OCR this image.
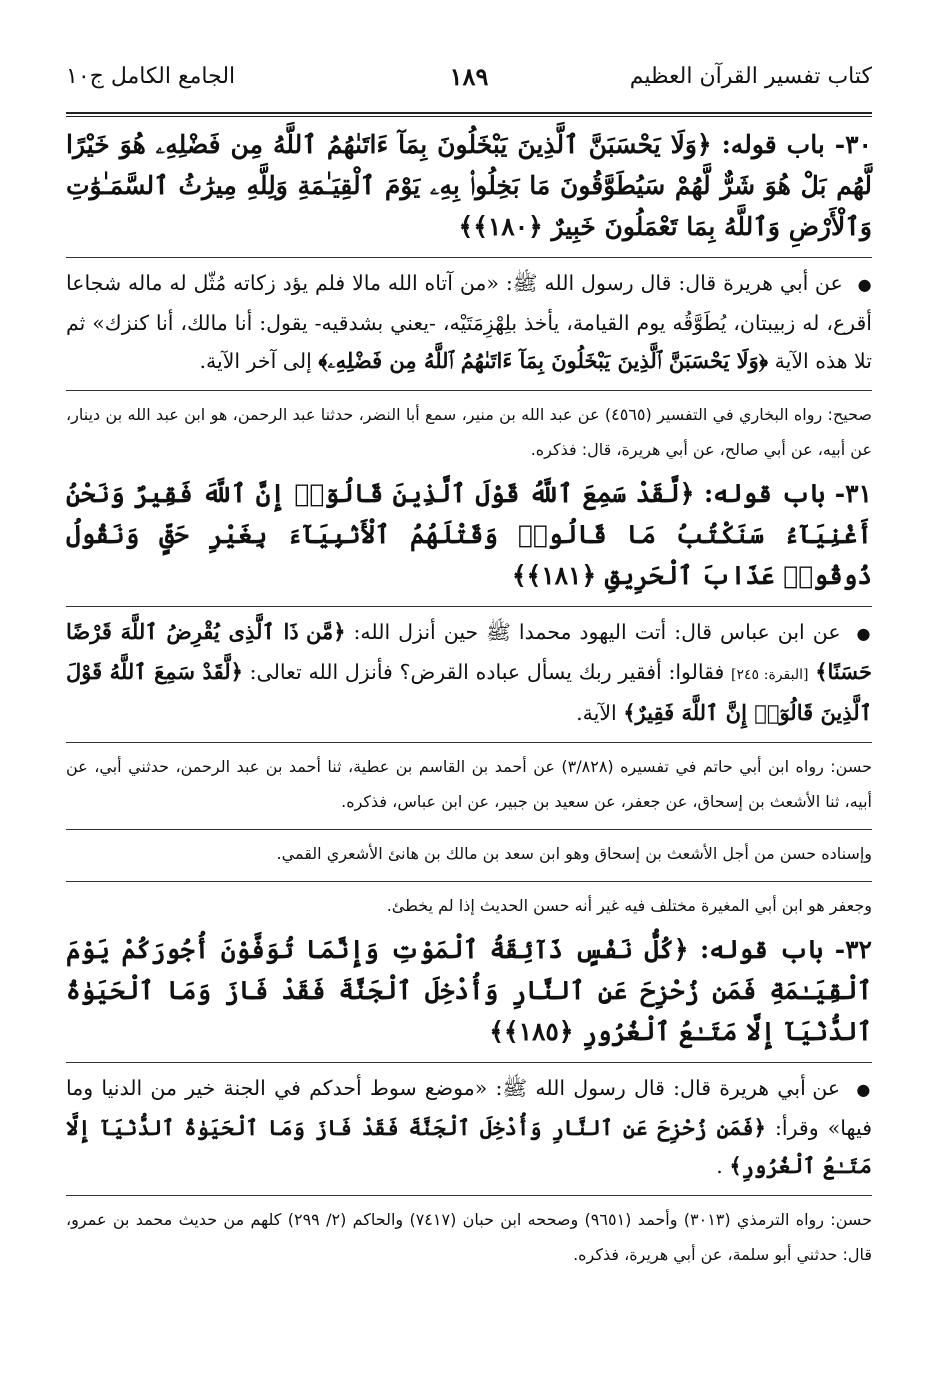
كتاب تفسير القرآن العظيم
١٨٩
الجامع الكامل ج١٠

٣٠- باب قوله: ﴿وَلَا يَحْسَبَنَّ ٱلَّذِينَ يَبْخَلُونَ بِمَآ ءَاتَىٰهُمُ ٱللَّهُ مِن فَضْلِهِۦ هُوَ خَيْرًا لَّهُم بَلْ هُوَ شَرٌّ لَّهُمْ سَيُطَوَّقُونَ مَا بَخِلُوا۟ بِهِۦ يَوْمَ ٱلْقِيَـٰمَةِ وَلِلَّهِ مِيرَٰثُ ٱلسَّمَـٰوَٰتِ وَٱلْأَرْضِ وَٱللَّهُ بِمَا تَعْمَلُونَ خَبِيرٌ ﴿١٨٠﴾﴾

● عن أبي هريرة قال: قال رسول الله ﷺ: «من آتاه الله مالا فلم يؤد زكاته مُثّل له ماله شجاعا أقرع، له زبيبتان، يُطَوَّقُه يوم القيامة، يأخذ بلِهْزِمَتَيْه، -يعني بشدقيه- يقول: أنا مالك، أنا كنزك» ثم تلا هذه الآية ﴿وَلَا يَحْسَبَنَّ ٱلَّذِينَ يَبْخَلُونَ بِمَآ ءَاتَىٰهُمُ ٱللَّهُ مِن فَضْلِهِۦ﴾ إلى آخر الآية.

صحيح: رواه البخاري في التفسير (٤٥٦٥) عن عبد الله بن منير، سمع أبا النضر، حدثنا عبد الرحمن، هو ابن عبد الله بن دينار، عن أبيه، عن أبي صالح، عن أبي هريرة، قال: فذكره.

٣١- باب قوله: ﴿لَّقَدْ سَمِعَ ٱللَّهُ قَوْلَ ٱلَّذِينَ قَالُوٓا۟ إِنَّ ٱللَّهَ فَقِيرٌ وَنَحْنُ أَغْنِيَآءُ سَنَكْتُبُ مَا قَالُوا۟ وَقَتْلَهُمُ ٱلْأَنۢبِيَآءَ بِغَيْرِ حَقٍّ وَنَقُولُ ذُوقُوا۟ عَذَابَ ٱلْحَرِيقِ ﴿١٨١﴾﴾

● عن ابن عباس قال: أتت اليهود محمدا ﷺ حين أنزل الله: ﴿مَّن ذَا ٱلَّذِى يُقْرِضُ ٱللَّهَ قَرْضًا حَسَنًا﴾ [البقرة: ٢٤٥] فقالوا: أفقير ربك يسأل عباده القرض؟ فأنزل الله تعالى: ﴿لَّقَدْ سَمِعَ ٱللَّهُ قَوْلَ ٱلَّذِينَ قَالُوٓا۟ إِنَّ ٱللَّهَ فَقِيرٌ﴾ الآية.

حسن: رواه ابن أبي حاتم في تفسيره (٣/٨٢٨) عن أحمد بن القاسم بن عطية، ثنا أحمد بن عبد الرحمن، حدثني أبي، عن أبيه، ثنا الأشعث بن إسحاق، عن جعفر، عن سعيد بن جبير، عن ابن عباس، فذكره.

وإسناده حسن من أجل الأشعث بن إسحاق وهو ابن سعد بن مالك بن هانئ الأشعري القمي.

وجعفر هو ابن أبي المغيرة مختلف فيه غير أنه حسن الحديث إذا لم يخطئ.

٣٢- باب قوله: ﴿كُلُّ نَفْسٍ ذَآئِقَةُ ٱلْمَوْتِ وَإِنَّمَا تُوَفَّوْنَ أُجُورَكُمْ يَوْمَ ٱلْقِيَـٰمَةِ فَمَن زُحْزِحَ عَنِ ٱلنَّارِ وَأُدْخِلَ ٱلْجَنَّةَ فَقَدْ فَازَ وَمَا ٱلْحَيَوٰةُ ٱلدُّنْيَآ إِلَّا مَتَـٰعُ ٱلْغُرُورِ ﴿١٨٥﴾﴾

● عن أبي هريرة قال: قال رسول الله ﷺ: «موضع سوط أحدكم في الجنة خير من الدنيا وما فيها» وقرأ: ﴿فَمَن زُحْزِحَ عَنِ ٱلنَّارِ وَأُدْخِلَ ٱلْجَنَّةَ فَقَدْ فَازَ وَمَا ٱلْحَيَوٰةُ ٱلدُّنْيَآ إِلَّا مَتَـٰعُ ٱلْغُرُورِ﴾ .

حسن: رواه الترمذي (٣٠١٣) وأحمد (٩٦٥١) وصححه ابن حبان (٧٤١٧) والحاكم (٢/ ٢٩٩) كلهم من حديث محمد بن عمرو، قال: حدثني أبو سلمة، عن أبي هريرة، فذكره.
